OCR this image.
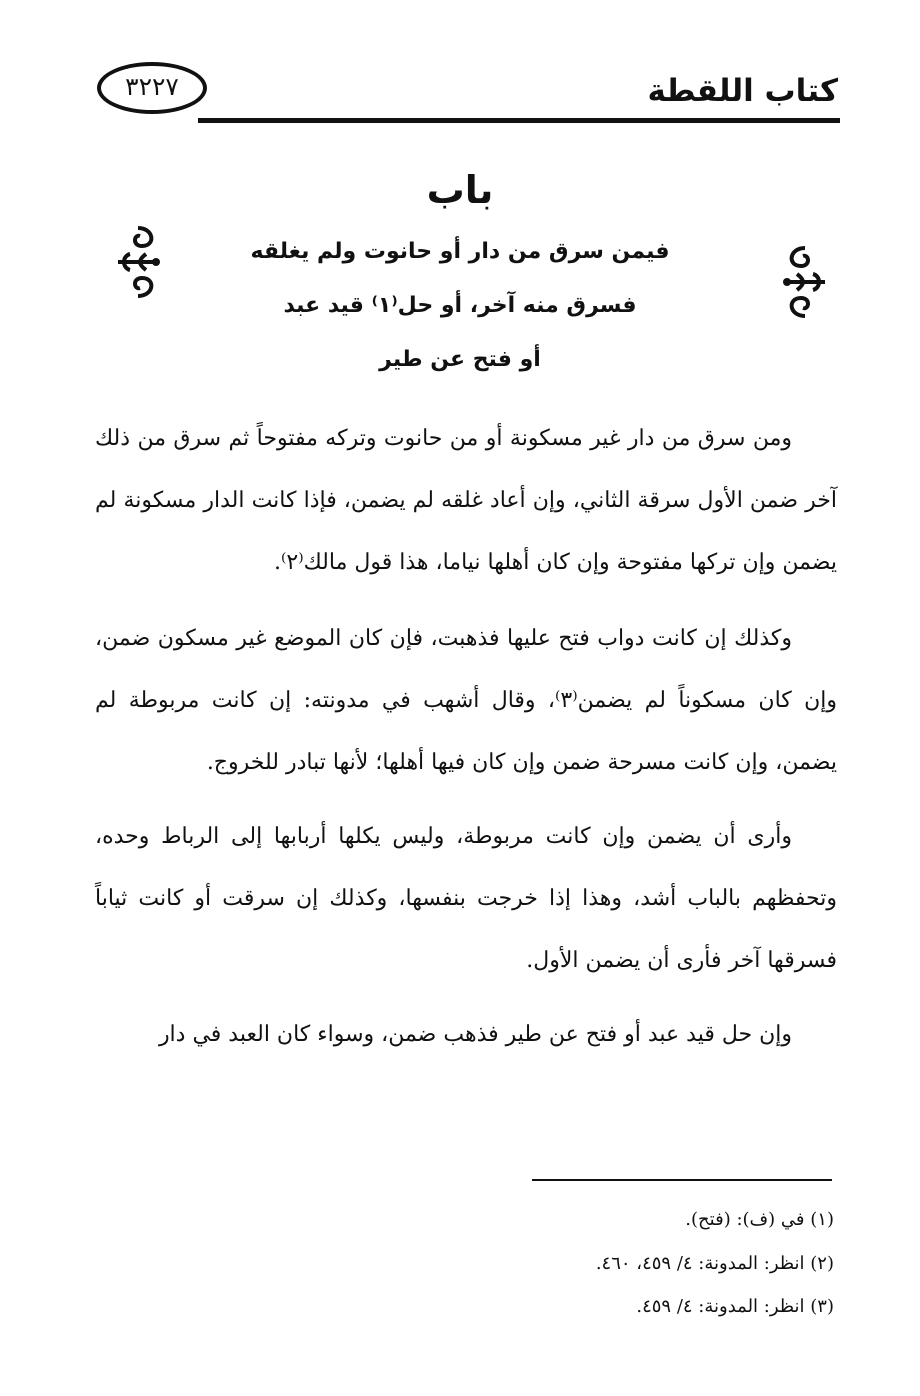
كتاب اللقطة
٣٢٢٧
باب
فيمن سرق من دار أو حانوت ولم يغلقه
فسرق منه آخر، أو حل⁽١⁾ قيد عبد
أو فتح عن طير

ومن سرق من دار غير مسكونة أو من حانوت وتركه مفتوحاً ثم سرق من ذلك آخر ضمن الأول سرقة الثاني، وإن أعاد غلقه لم يضمن، فإذا كانت الدار مسكونة لم يضمن وإن تركها مفتوحة وإن كان أهلها نياما، هذا قول مالك⁽٢⁾.

وكذلك إن كانت دواب فتح عليها فذهبت، فإن كان الموضع غير مسكون ضمن، وإن كان مسكوناً لم يضمن⁽٣⁾، وقال أشهب في مدونته: إن كانت مربوطة لم يضمن، وإن كانت مسرحة ضمن وإن كان فيها أهلها؛ لأنها تبادر للخروج.

وأرى أن يضمن وإن كانت مربوطة، وليس يكلها أربابها إلى الرباط وحده، وتحفظهم بالباب أشد، وهذا إذا خرجت بنفسها، وكذلك إن سرقت أو كانت ثياباً فسرقها آخر فأرى أن يضمن الأول.

وإن حل قيد عبد أو فتح عن طير فذهب ضمن، وسواء كان العبد في دار

(١) في (ف): (فتح).
(٢) انظر: المدونة: ٤/ ٤٥٩، ٤٦٠.
(٣) انظر: المدونة: ٤/ ٤٥٩.
